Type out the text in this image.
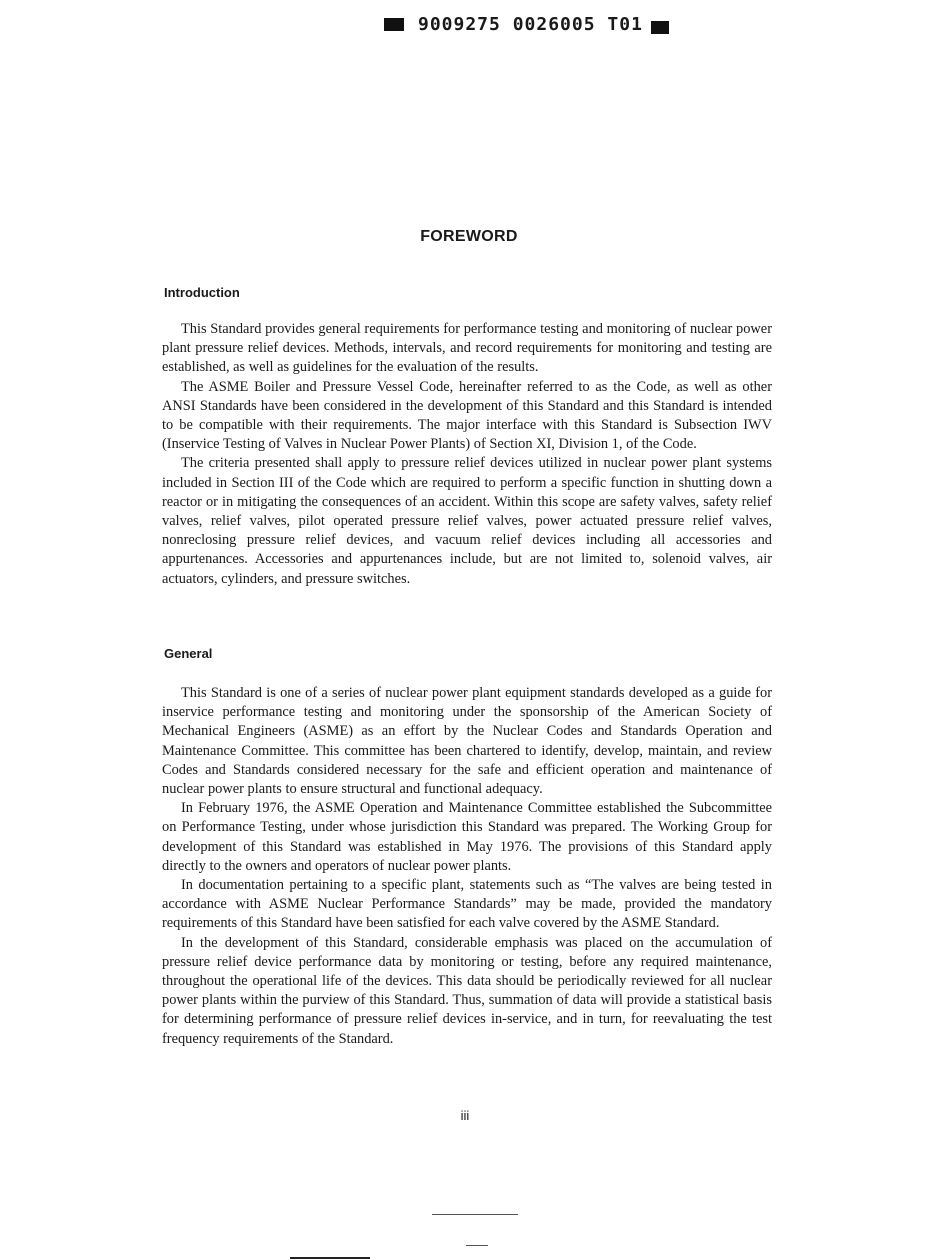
9009275 0026005 T01
FOREWORD
Introduction

This Standard provides general requirements for performance testing and monitoring of nuclear power plant pressure relief devices. Methods, intervals, and record requirements for monitoring and testing are established, as well as guidelines for the evaluation of the results.

The ASME Boiler and Pressure Vessel Code, hereinafter referred to as the Code, as well as other ANSI Standards have been considered in the development of this Standard and this Standard is intended to be compatible with their requirements. The major interface with this Standard is Subsection IWV (Inservice Testing of Valves in Nuclear Power Plants) of Section XI, Division 1, of the Code.

The criteria presented shall apply to pressure relief devices utilized in nuclear power plant systems included in Section III of the Code which are required to perform a specific function in shutting down a reactor or in mitigating the consequences of an accident. Within this scope are safety valves, safety relief valves, relief valves, pilot operated pressure relief valves, power actuated pressure relief valves, nonreclosing pressure relief devices, and vacuum relief devices including all accessories and appurtenances. Accessories and appurtenances include, but are not limited to, solenoid valves, air actuators, cylinders, and pressure switches.

General

This Standard is one of a series of nuclear power plant equipment standards developed as a guide for inservice performance testing and monitoring under the sponsorship of the American Society of Mechanical Engineers (ASME) as an effort by the Nuclear Codes and Standards Operation and Maintenance Committee. This committee has been chartered to identify, develop, maintain, and review Codes and Standards considered necessary for the safe and efficient operation and maintenance of nuclear power plants to ensure structural and functional adequacy.

In February 1976, the ASME Operation and Maintenance Committee established the Subcommittee on Performance Testing, under whose jurisdiction this Standard was prepared. The Working Group for development of this Standard was established in May 1976. The provisions of this Standard apply directly to the owners and operators of nuclear power plants.

In documentation pertaining to a specific plant, statements such as “The valves are being tested in accordance with ASME Nuclear Performance Standards” may be made, provided the mandatory requirements of this Standard have been satisfied for each valve covered by the ASME Standard.

In the development of this Standard, considerable emphasis was placed on the accumulation of pressure relief device performance data by monitoring or testing, before any required maintenance, throughout the operational life of the devices. This data should be periodically reviewed for all nuclear power plants within the purview of this Standard. Thus, summation of data will provide a statistical basis for determining performance of pressure relief devices in-service, and in turn, for reevaluating the test frequency requirements of the Standard.

iii
